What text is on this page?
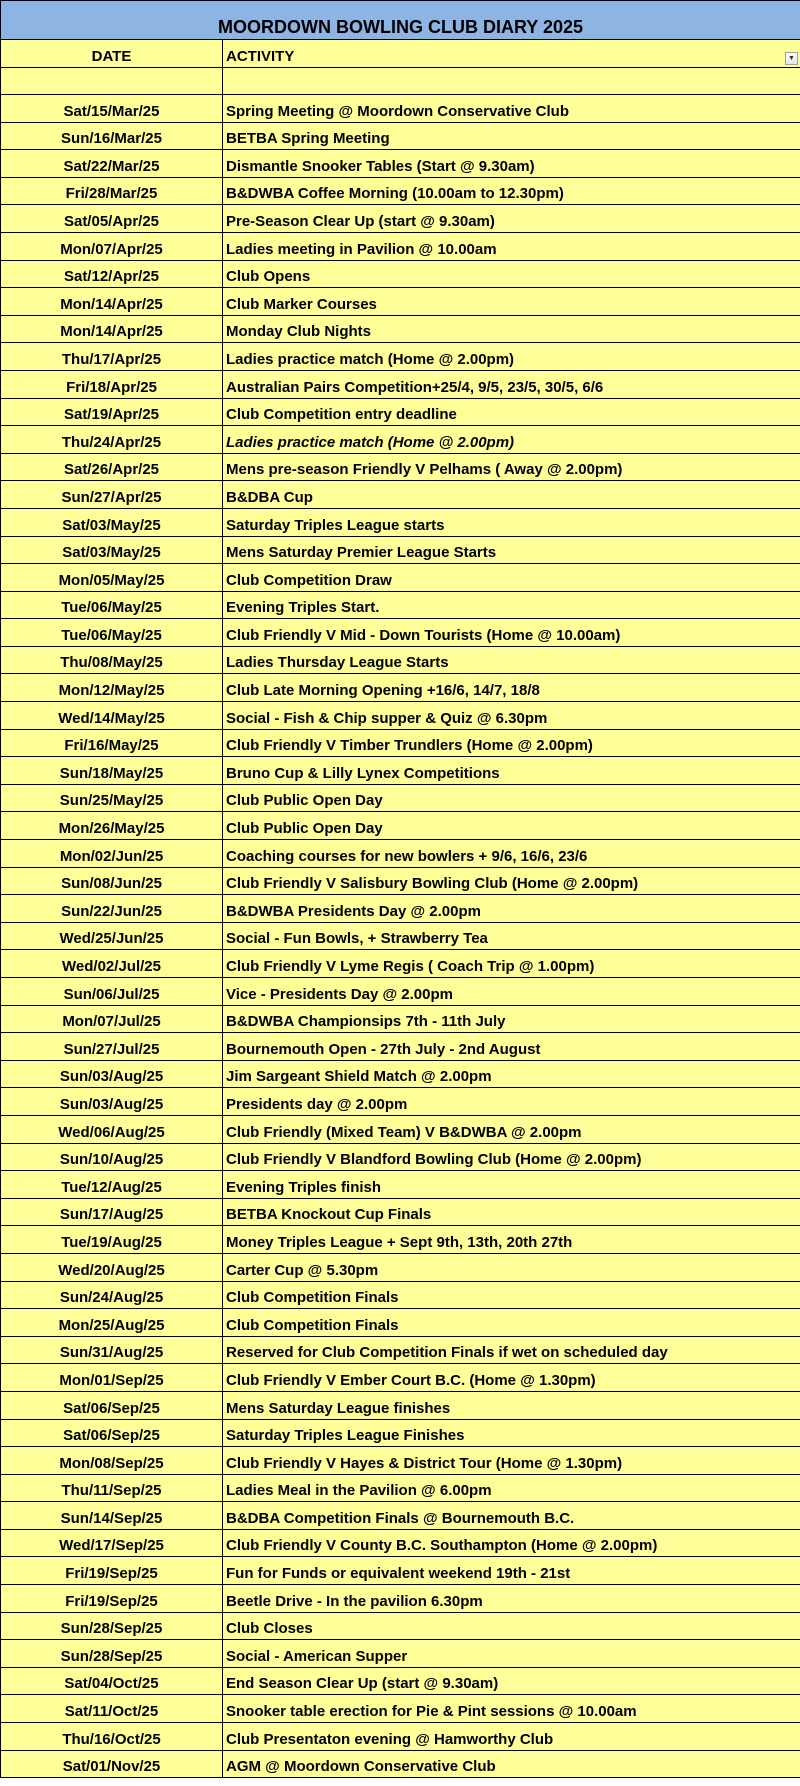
MOORDOWN BOWLING CLUB DIARY 2025
DATE	ACTIVITY	▼
Sat/15/Mar/25	Spring Meeting @ Moordown Conservative Club
Sun/16/Mar/25	BETBA Spring Meeting
Sat/22/Mar/25	Dismantle Snooker Tables (Start @ 9.30am)
Fri/28/Mar/25	B&DWBA Coffee Morning (10.00am to 12.30pm)
Sat/05/Apr/25	Pre-Season Clear Up (start @ 9.30am)
Mon/07/Apr/25	Ladies meeting in Pavilion @ 10.00am
Sat/12/Apr/25	Club Opens
Mon/14/Apr/25	Club Marker Courses
Mon/14/Apr/25	Monday Club Nights
Thu/17/Apr/25	Ladies practice match (Home @ 2.00pm)
Fri/18/Apr/25	Australian Pairs Competition+25/4, 9/5, 23/5, 30/5, 6/6
Sat/19/Apr/25	Club Competition entry deadline
Thu/24/Apr/25	Ladies practice match (Home @ 2.00pm)
Sat/26/Apr/25	Mens pre-season Friendly V Pelhams ( Away @ 2.00pm)
Sun/27/Apr/25	B&DBA Cup
Sat/03/May/25	Saturday Triples League starts
Sat/03/May/25	Mens Saturday Premier League Starts
Mon/05/May/25	Club Competition Draw
Tue/06/May/25	Evening Triples Start.
Tue/06/May/25	Club Friendly V Mid - Down Tourists (Home @ 10.00am)
Thu/08/May/25	Ladies Thursday League Starts
Mon/12/May/25	Club Late Morning Opening +16/6, 14/7, 18/8
Wed/14/May/25	Social - Fish & Chip supper & Quiz @ 6.30pm
Fri/16/May/25	Club Friendly V Timber Trundlers (Home @ 2.00pm)
Sun/18/May/25	Bruno Cup & Lilly Lynex Competitions
Sun/25/May/25	Club Public Open Day
Mon/26/May/25	Club Public Open Day
Mon/02/Jun/25	Coaching courses for new bowlers + 9/6, 16/6, 23/6
Sun/08/Jun/25	Club Friendly V Salisbury Bowling Club (Home @ 2.00pm)
Sun/22/Jun/25	B&DWBA Presidents Day @ 2.00pm
Wed/25/Jun/25	Social - Fun Bowls, + Strawberry Tea
Wed/02/Jul/25	Club Friendly V Lyme Regis ( Coach Trip @ 1.00pm)
Sun/06/Jul/25	Vice - Presidents Day @ 2.00pm
Mon/07/Jul/25	B&DWBA Championsips 7th - 11th July
Sun/27/Jul/25	Bournemouth Open - 27th July - 2nd August
Sun/03/Aug/25	Jim Sargeant Shield Match @ 2.00pm
Sun/03/Aug/25	Presidents day @ 2.00pm
Wed/06/Aug/25	Club Friendly (Mixed Team) V B&DWBA @ 2.00pm
Sun/10/Aug/25	Club Friendly V Blandford Bowling Club (Home @ 2.00pm)
Tue/12/Aug/25	Evening Triples finish
Sun/17/Aug/25	BETBA Knockout Cup Finals
Tue/19/Aug/25	Money Triples League + Sept 9th, 13th, 20th 27th
Wed/20/Aug/25	Carter Cup @ 5.30pm
Sun/24/Aug/25	Club Competition Finals
Mon/25/Aug/25	Club Competition Finals
Sun/31/Aug/25	Reserved for Club Competition Finals if wet on scheduled day
Mon/01/Sep/25	Club Friendly V Ember Court B.C. (Home @ 1.30pm)
Sat/06/Sep/25	Mens Saturday League finishes
Sat/06/Sep/25	Saturday Triples League Finishes
Mon/08/Sep/25	Club Friendly V Hayes & District Tour (Home @ 1.30pm)
Thu/11/Sep/25	Ladies Meal in the Pavilion @ 6.00pm
Sun/14/Sep/25	B&DBA Competition Finals @ Bournemouth B.C.
Wed/17/Sep/25	Club Friendly V County B.C. Southampton (Home @ 2.00pm)
Fri/19/Sep/25	Fun for Funds or equivalent weekend 19th - 21st
Fri/19/Sep/25	Beetle Drive - In the pavilion 6.30pm
Sun/28/Sep/25	Club Closes
Sun/28/Sep/25	Social - American Supper
Sat/04/Oct/25	End Season Clear Up (start @ 9.30am)
Sat/11/Oct/25	Snooker table erection for Pie & Pint sessions @ 10.00am
Thu/16/Oct/25	Club Presentaton evening @ Hamworthy Club
Sat/01/Nov/25	AGM @ Moordown Conservative Club
